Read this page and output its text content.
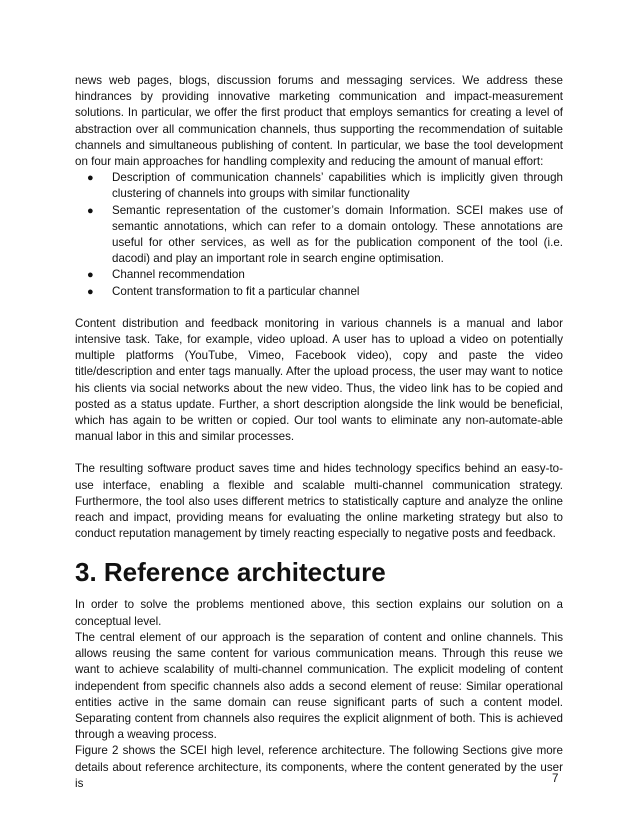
news web pages, blogs, discussion forums and messaging services. We address these hindrances by providing innovative marketing communication and impact-measurement solutions. In particular, we offer the first product that employs semantics for creating a level of abstraction over all communication channels, thus supporting the recommendation of suitable channels and simultaneous publishing of content. In particular, we base the tool development on four main approaches for handling complexity and reducing the amount of manual effort:

● Description of communication channels’ capabilities which is implicitly given through clustering of channels into groups with similar functionality
● Semantic representation of the customer’s domain Information. SCEI makes use of semantic annotations, which can refer to a domain ontology. These annotations are useful for other services, as well as for the publication component of the tool (i.e. dacodi) and play an important role in search engine optimisation.
● Channel recommendation
● Content transformation to fit a particular channel

Content distribution and feedback monitoring in various channels is a manual and labor intensive task. Take, for example, video upload. A user has to upload a video on potentially multiple platforms (YouTube, Vimeo, Facebook video), copy and paste the video title/description and enter tags manually. After the upload process, the user may want to notice his clients via social networks about the new video. Thus, the video link has to be copied and posted as a status update. Further, a short description alongside the link would be beneficial, which has again to be written or copied. Our tool wants to eliminate any non-automate-able manual labor in this and similar processes.

The resulting software product saves time and hides technology specifics behind an easy-to-use interface, enabling a flexible and scalable multi-channel communication strategy. Furthermore, the tool also uses different metrics to statistically capture and analyze the online reach and impact, providing means for evaluating the online marketing strategy but also to conduct reputation management by timely reacting especially to negative posts and feedback.

3. Reference architecture

In order to solve the problems mentioned above, this section explains our solution on a conceptual level.

The central element of our approach is the separation of content and online channels. This allows reusing the same content for various communication means. Through this reuse we want to achieve scalability of multi-channel communication. The explicit modeling of content independent from specific channels also adds a second element of reuse: Similar operational entities active in the same domain can reuse significant parts of such a content model. Separating content from channels also requires the explicit alignment of both. This is achieved through a weaving process.

Figure 2 shows the SCEI high level, reference architecture. The following Sections give more details about reference architecture, its components, where the content generated by the user is	7
